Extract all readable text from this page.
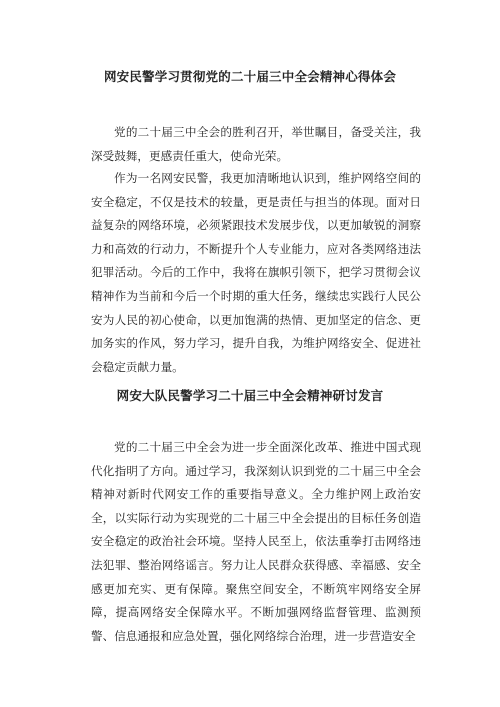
网安民警学习贯彻党的二十届三中全会精神心得体会

党的二十届三中全会的胜利召开，举世瞩目，备受关注，我深受鼓舞，更感责任重大，使命光荣。

作为一名网安民警，我更加清晰地认识到，维护网络空间的安全稳定，不仅是技术的较量，更是责任与担当的体现。面对日益复杂的网络环境，必须紧跟技术发展步伐，以更加敏锐的洞察力和高效的行动力，不断提升个人专业能力，应对各类网络违法犯罪活动。今后的工作中，我将在旗帜引领下，把学习贯彻会议精神作为当前和今后一个时期的重大任务，继续忠实践行人民公安为人民的初心使命，以更加饱满的热情、更加坚定的信念、更加务实的作风，努力学习，提升自我，为维护网络安全、促进社会稳定贡献力量。

网安大队民警学习二十届三中全会精神研讨发言

党的二十届三中全会为进一步全面深化改革、推进中国式现代化指明了方向。通过学习，我深刻认识到党的二十届三中全会精神对新时代网安工作的重要指导意义。全力维护网上政治安全，以实际行动为实现党的二十届三中全会提出的目标任务创造安全稳定的政治社会环境。坚持人民至上，依法重拳打击网络违法犯罪、整治网络谣言。努力让人民群众获得感、幸福感、安全感更加充实、更有保障。聚焦空间安全，不断筑牢网络安全屏障，提高网络安全保障水平。不断加强网络监督管理、监测预警、信息通报和应急处置，强化网络综合治理，进一步营造安全
